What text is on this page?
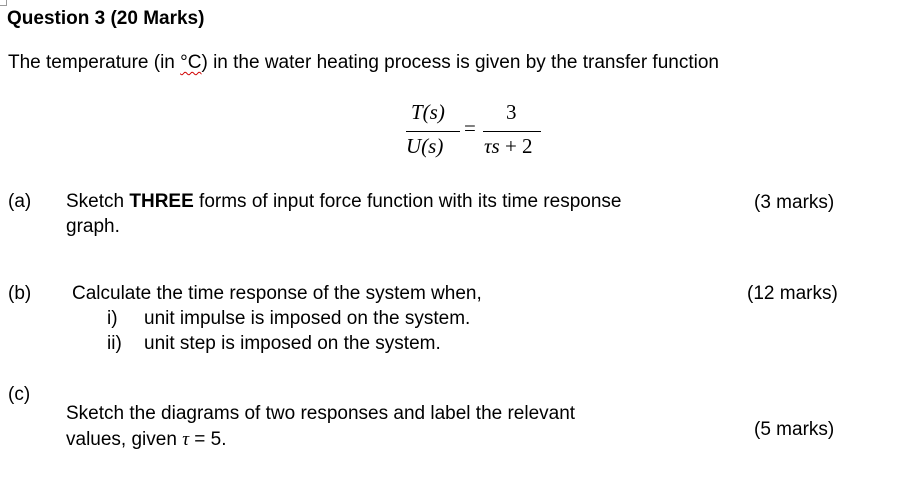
Question 3 (20 Marks)
The temperature (in °C) in the water heating process is given by the transfer function
T(s)
U(s)
=
3
τs + 2
(a) Sketch THREE forms of input force function with its time response
graph.
(3 marks)
(b) Calculate the time response of the system when,
i) unit impulse is imposed on the system.
ii) unit step is imposed on the system.
(12 marks)
(c)
Sketch the diagrams of two responses and label the relevant
values, given τ = 5.	(5 marks)
